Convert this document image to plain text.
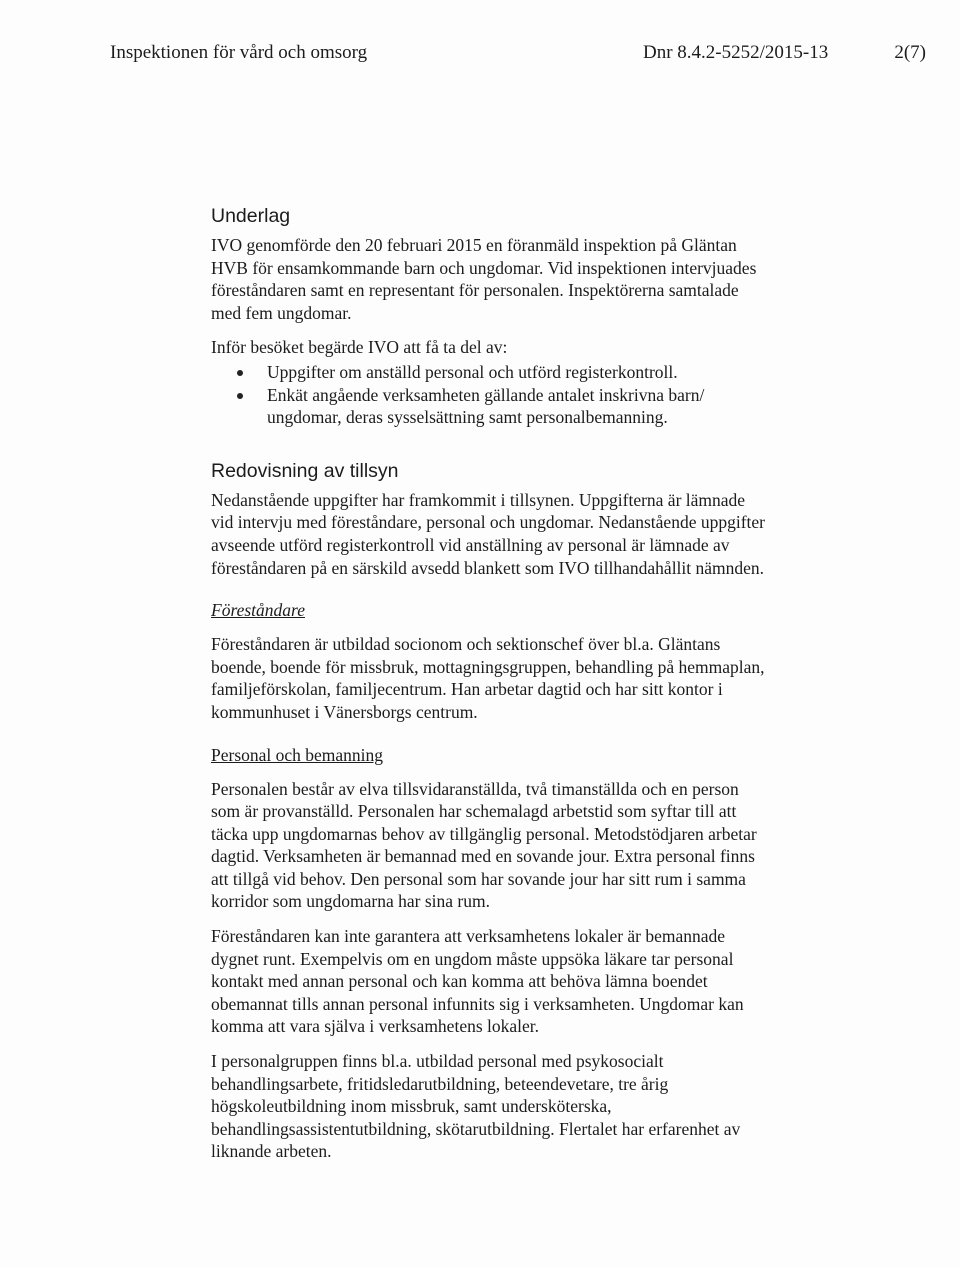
Inspektionen för vård och omsorg	Dnr 8.4.2-5252/2015-13	2(7)
Underlag

IVO genomförde den 20 februari 2015 en föranmäld inspektion på Gläntan HVB för ensamkommande barn och ungdomar. Vid inspektionen intervjuades föreståndaren samt en representant för personalen. Inspektörerna samtalade med fem ungdomar.

Inför besöket begärde IVO att få ta del av:

Uppgifter om anställd personal och utförd registerkontroll.
Enkät angående verksamheten gällande antalet inskrivna barn/ ungdomar, deras sysselsättning samt personalbemanning.
Redovisning av tillsyn

Nedanstående uppgifter har framkommit i tillsynen. Uppgifterna är lämnade vid intervju med föreståndare, personal och ungdomar. Nedanstående uppgifter avseende utförd registerkontroll vid anställning av personal är lämnade av föreståndaren på en särskild avsedd blankett som IVO tillhandahållit nämnden.

Föreståndare

Föreståndaren är utbildad socionom och sektionschef över bl.a. Gläntans boende, boende för missbruk, mottagningsgruppen, behandling på hemmaplan, familjeförskolan, familjecentrum. Han arbetar dagtid och har sitt kontor i kommunhuset i Vänersborgs centrum.

Personal och bemanning

Personalen består av elva tillsvidaranställda, två timanställda och en person som är provanställd. Personalen har schemalagd arbetstid som syftar till att täcka upp ungdomarnas behov av tillgänglig personal. Metodstödjaren arbetar dagtid. Verksamheten är bemannad med en sovande jour. Extra personal finns att tillgå vid behov. Den personal som har sovande jour har sitt rum i samma korridor som ungdomarna har sina rum.

Föreståndaren kan inte garantera att verksamhetens lokaler är bemannade dygnet runt. Exempelvis om en ungdom måste uppsöka läkare tar personal kontakt med annan personal och kan komma att behöva lämna boendet obemannat tills annan personal infunnits sig i verksamheten. Ungdomar kan komma att vara själva i verksamhetens lokaler.

I personalgruppen finns bl.a. utbildad personal med psykosocialt behandlingsarbete, fritidsledarutbildning, beteendevetare, tre årig högskoleutbildning inom missbruk, samt undersköterska, behandlingsassistentutbildning, skötarutbildning. Flertalet har erfarenhet av liknande arbeten.
